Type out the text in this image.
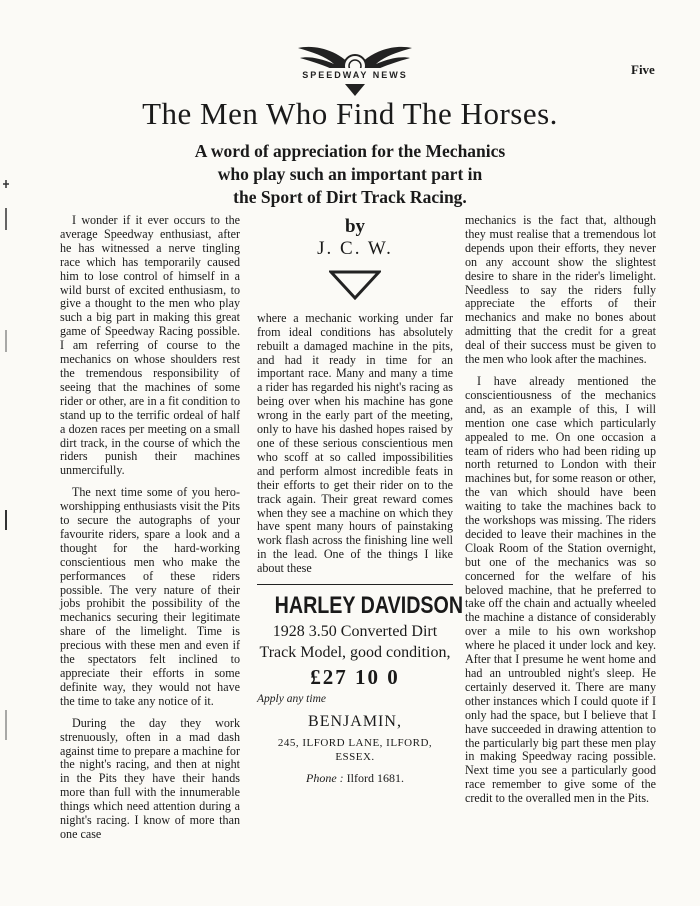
SPEEDWAY NEWS	Five
The Men Who Find The Horses.
A word of appreciation for the Mechanics
who play such an important part in
the Sport of Dirt Track Racing.

I wonder if it ever occurs to the average Speedway enthusiast, after he has witnessed a nerve tingling race which has temporarily caused him to lose control of himself in a wild burst of excited enthusiasm, to give a thought to the men who play such a big part in making this great game of Speedway Racing possible. I am referring of course to the mechanics on whose shoulders rest the tremendous responsibility of seeing that the machines of some rider or other, are in a fit condition to stand up to the terrific ordeal of half a dozen races per meeting on a small dirt track, in the course of which the riders punish their machines unmercifully.

The next time some of you hero-worshipping enthusiasts visit the Pits to secure the autographs of your favourite riders, spare a look and a thought for the hard-working conscientious men who make the performances of these riders possible. The very nature of their jobs prohibit the possibility of the mechanics securing their legitimate share of the limelight. Time is precious with these men and even if the spectators felt inclined to appreciate their efforts in some definite way, they would not have the time to take any notice of it.

During the day they work strenuously, often in a mad dash against time to prepare a machine for the night's racing, and then at night in the Pits they have their hands more than full with the innumerable things which need attention during a night's racing. I know of more than one case

by

J. C. W.

where a mechanic working under far from ideal conditions has absolutely rebuilt a damaged machine in the pits, and had it ready in time for an important race. Many and many a time a rider has regarded his night's racing as being over when his machine has gone wrong in the early part of the meeting, only to have his dashed hopes raised by one of these serious conscientious men who scoff at so called impossibilities and perform almost incredible feats in their efforts to get their rider on to the track again. Their great reward comes when they see a machine on which they have spent many hours of painstaking work flash across the finishing line well in the lead. One of the things I like about these

HARLEY DAVIDSON

1928 3.50 Converted Dirt Track Model, good condition,

£27 10 0

Apply any time

BENJAMIN,

245, ILFORD LANE, ILFORD, ESSEX.

Phone : Ilford 1681.

mechanics is the fact that, although they must realise that a tremendous lot depends upon their efforts, they never on any account show the slightest desire to share in the rider's limelight. Needless to say the riders fully appreciate the efforts of their mechanics and make no bones about admitting that the credit for a great deal of their success must be given to the men who look after the machines.

I have already mentioned the conscientiousness of the mechanics and, as an example of this, I will mention one case which particularly appealed to me. On one occasion a team of riders who had been riding up north returned to London with their machines but, for some reason or other, the van which should have been waiting to take the machines back to the workshops was missing. The riders decided to leave their machines in the Cloak Room of the Station overnight, but one of the mechanics was so concerned for the welfare of his beloved machine, that he preferred to take off the chain and actually wheeled the machine a distance of considerably over a mile to his own workshop where he placed it under lock and key. After that I presume he went home and had an untroubled night's sleep. He certainly deserved it. There are many other instances which I could quote if I only had the space, but I believe that I have succeeded in drawing attention to the particularly big part these men play in making Speedway racing possible. Next time you see a particularly good race remember to give some of the credit to the overalled men in the Pits.
